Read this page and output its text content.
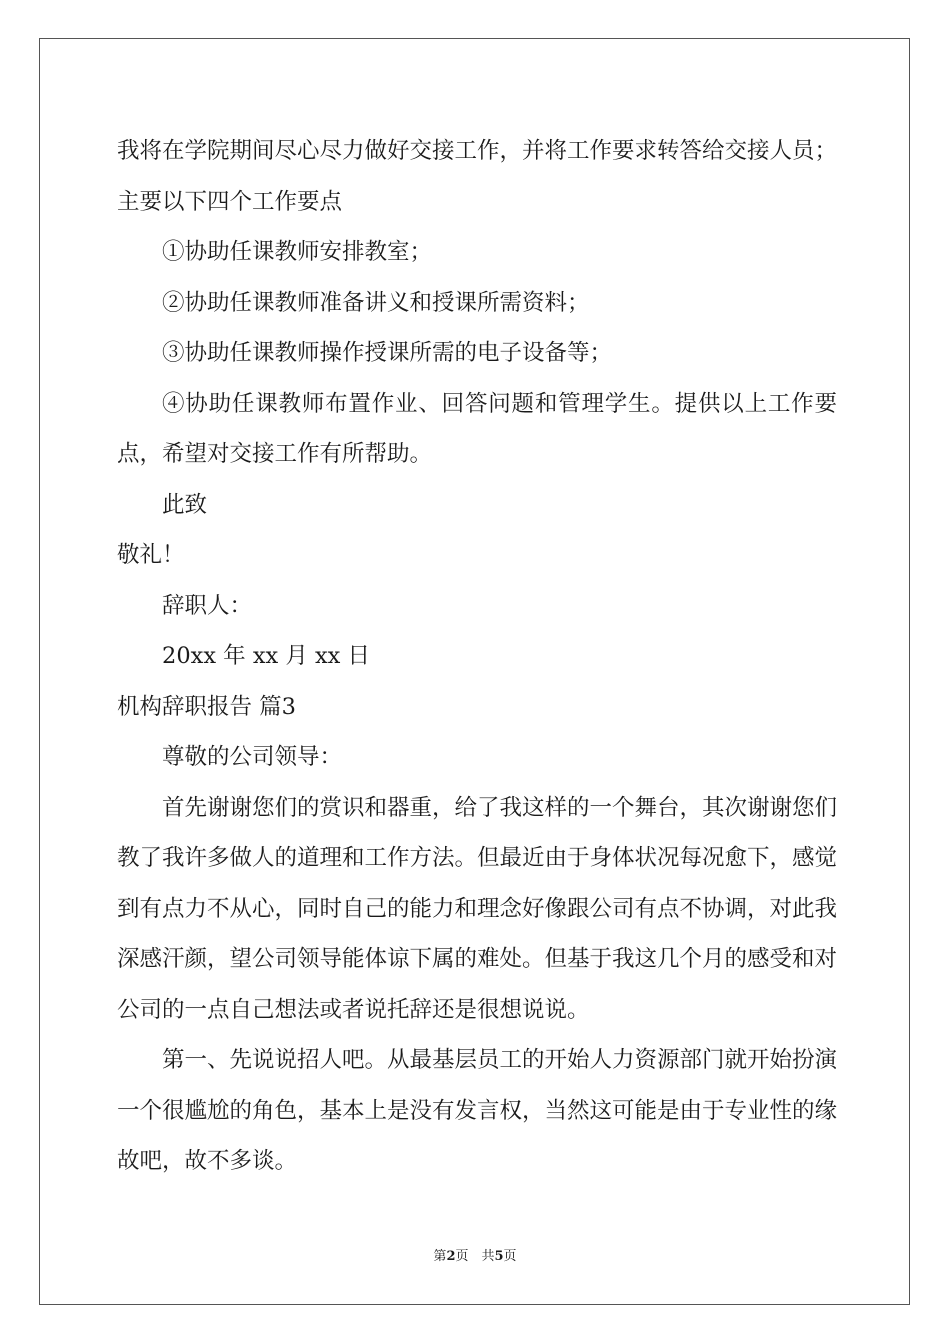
我将在学院期间尽心尽力做好交接工作，并将工作要求转答给交接人员；主要以下四个工作要点

①协助任课教师安排教室；

②协助任课教师准备讲义和授课所需资料；

③协助任课教师操作授课所需的电子设备等；

④协助任课教师布置作业、回答问题和管理学生。提供以上工作要点，希望对交接工作有所帮助。

此致

敬礼！

辞职人：

20xx 年 xx 月 xx 日

机构辞职报告 篇3

尊敬的公司领导：

首先谢谢您们的赏识和器重，给了我这样的一个舞台，其次谢谢您们教了我许多做人的道理和工作方法。但最近由于身体状况每况愈下，感觉到有点力不从心，同时自己的能力和理念好像跟公司有点不协调，对此我深感汗颜，望公司领导能体谅下属的难处。但基于我这几个月的感受和对公司的一点自己想法或者说托辞还是很想说说。

第一、先说说招人吧。从最基层员工的开始人力资源部门就开始扮演一个很尴尬的角色，基本上是没有发言权，当然这可能是由于专业性的缘故吧，故不多谈。

第2页　共5页
